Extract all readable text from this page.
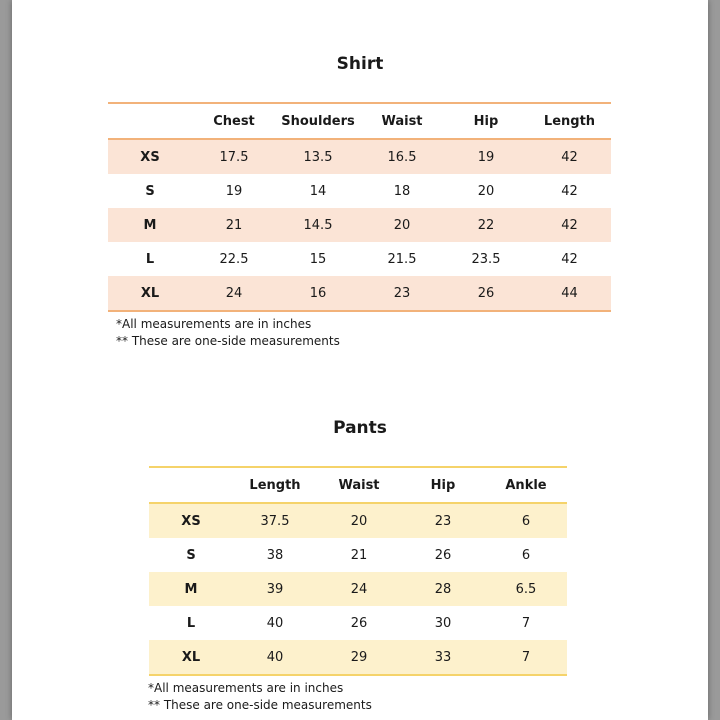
Shirt
	Chest	Shoulders	Waist	Hip	Length
XS	17.5	13.5	16.5	19	42
S	19	14	18	20	42
M	21	14.5	20	22	42
L	22.5	15	21.5	23.5	42
XL	24	16	23	26	44
*All measurements are in inches
** These are one-side measurements
Pants
	Length	Waist	Hip	Ankle
XS	37.5	20	23	6
S	38	21	26	6
M	39	24	28	6.5
L	40	26	30	7
XL	40	29	33	7
*All measurements are in inches
** These are one-side measurements
